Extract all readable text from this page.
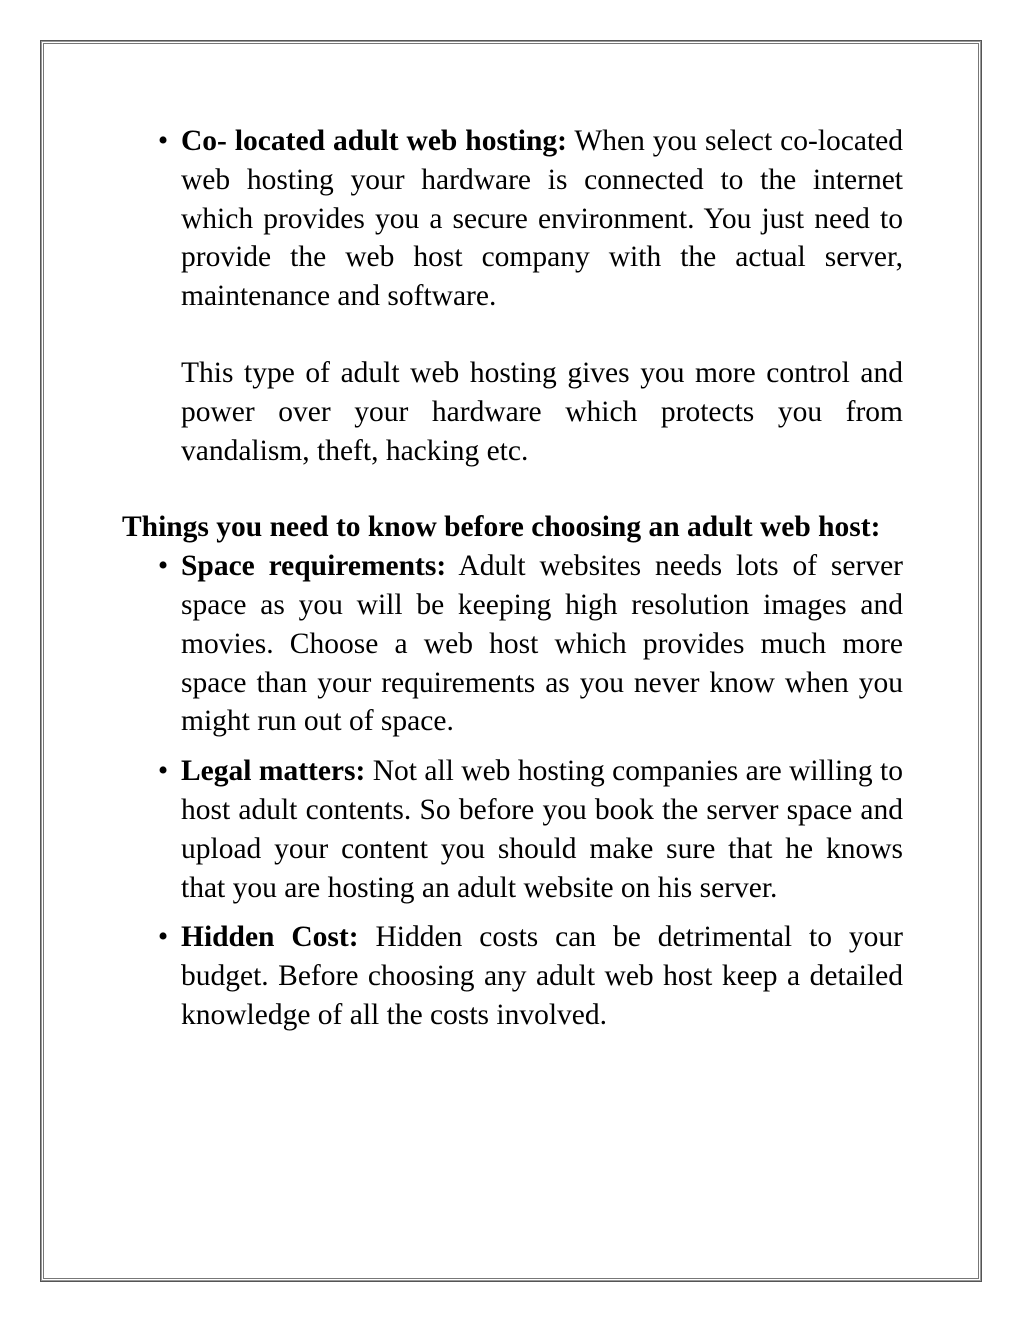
• Co- located adult web hosting: When you select co-located web hosting your hardware is connected to the internet which provides you a secure environment. You just need to provide the web host company with the actual server, maintenance and software.

This type of adult web hosting gives you more control and power over your hardware which protects you from vandalism, theft, hacking etc.

Things you need to know before choosing an adult web host:

• Space requirements: Adult websites needs lots of server space as you will be keeping high resolution images and movies. Choose a web host which provides much more space than your requirements as you never know when you might run out of space.
• Legal matters: Not all web hosting companies are willing to host adult contents. So before you book the server space and upload your content you should make sure that he knows that you are hosting an adult website on his server.
• Hidden Cost: Hidden costs can be detrimental to your budget. Before choosing any adult web host keep a detailed knowledge of all the costs involved.
